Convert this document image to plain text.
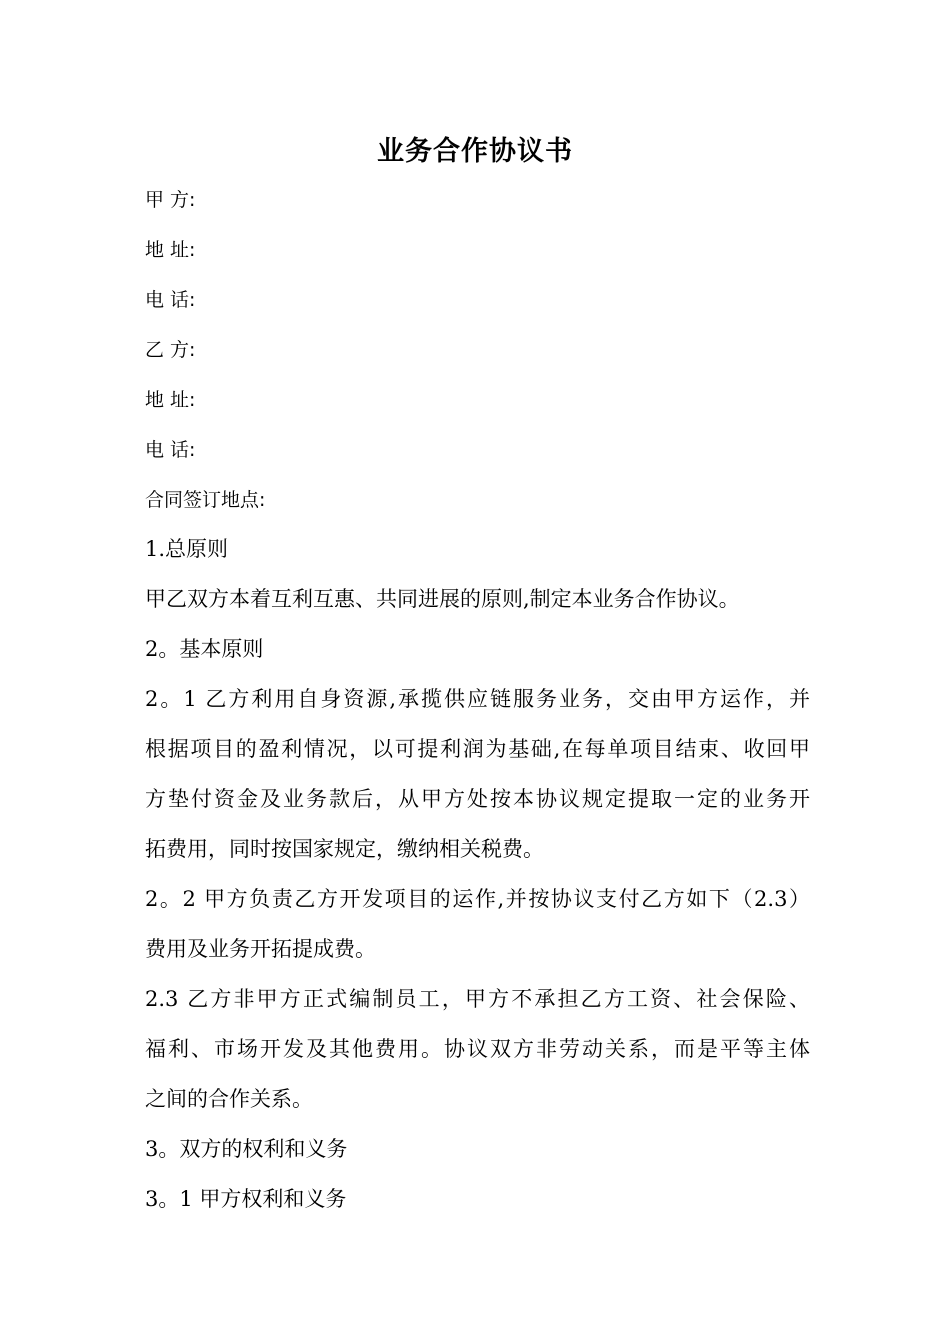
业务合作协议书
甲 方:
地 址:
电 话:
乙 方:
地 址:
电 话:
合同签订地点:
1.总原则
甲乙双方本着互利互惠、共同进展的原则,制定本业务合作协议。
2。基本原则
2。1 乙方利用自身资源,承揽供应链服务业务，交由甲方运作，并
根据项目的盈利情况，以可提利润为基础,在每单项目结束、收回甲
方垫付资金及业务款后，从甲方处按本协议规定提取一定的业务开
拓费用，同时按国家规定，缴纳相关税费。
2。2 甲方负责乙方开发项目的运作,并按协议支付乙方如下（2.3）
费用及业务开拓提成费。
2.3 乙方非甲方正式编制员工，甲方不承担乙方工资、社会保险、
福利、市场开发及其他费用。协议双方非劳动关系，而是平等主体
之间的合作关系。
3。双方的权利和义务
3。1 甲方权利和义务
